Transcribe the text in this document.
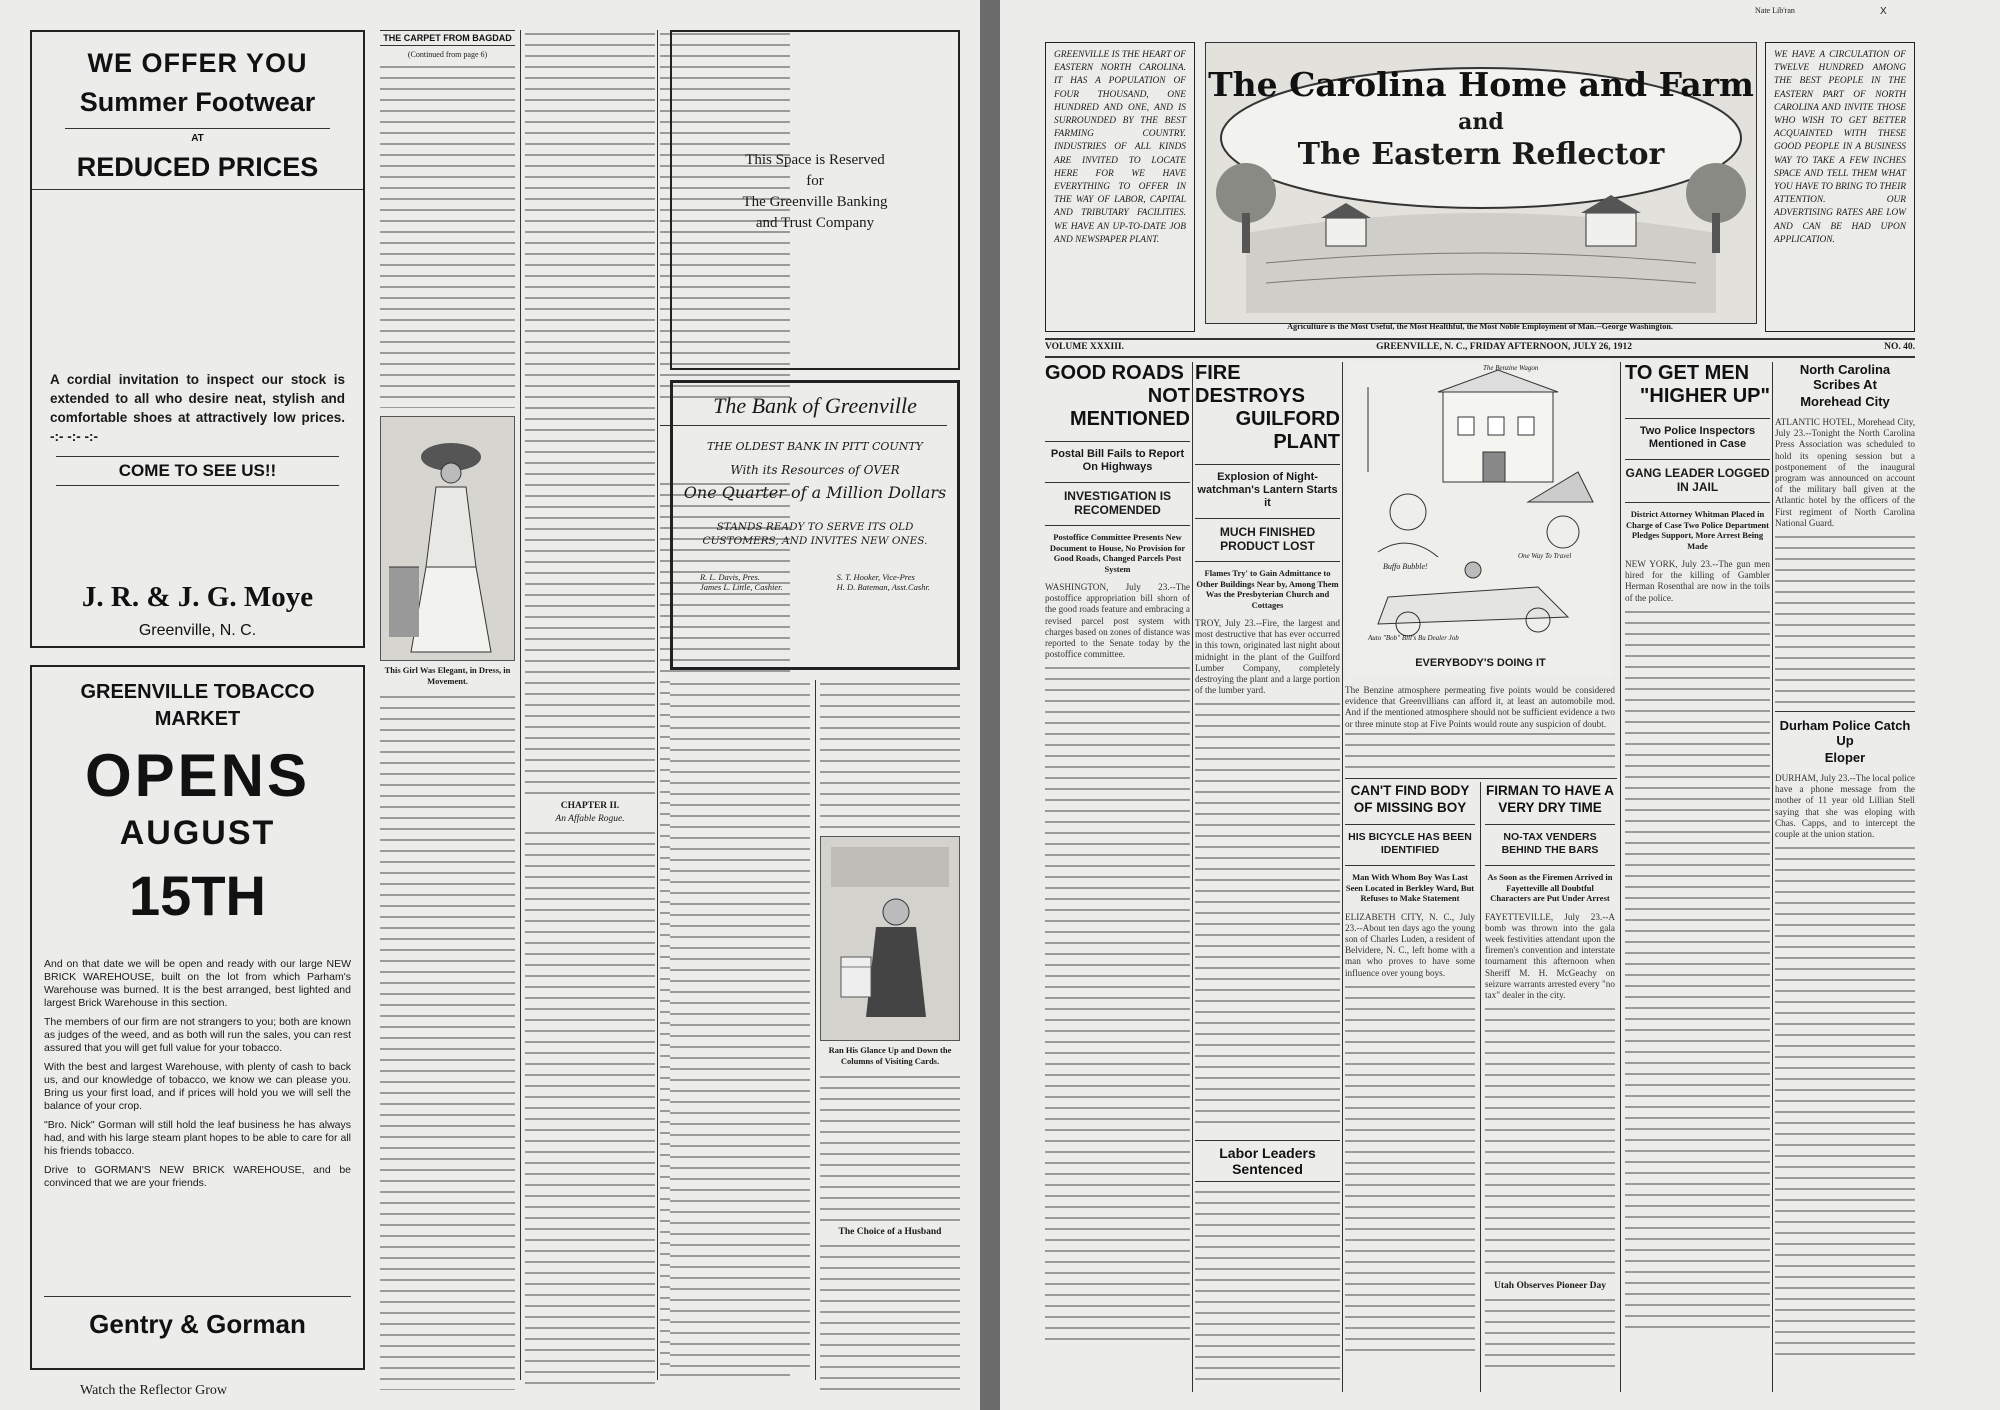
WE OFFER YOU
Summer Footwear
AT
REDUCED PRICES
A cordial invitation to inspect our stock is extended to all who desire neat, stylish and comfortable shoes at attractively low prices. -:- -:- -:-
COME TO SEE US!!
J. R. & J. G. Moye
Greenville, N. C.
GREENVILLE TOBACCO
MARKET
OPENS
AUGUST
15TH
And on that date we will be open and ready with our large NEW BRICK WAREHOUSE, built on the lot from which Parham's Warehouse was burned. It is the best arranged, best lighted and largest Brick Warehouse in this section.
The members of our firm are not strangers to you; both are known as judges of the weed, and as both will run the sales, you can rest assured that you will get full value for your tobacco.
With the best and largest Warehouse, with plenty of cash to back us, and our knowledge of tobacco, we know we can please you. Bring us your first load, and if prices will hold you we will sell the balance of your crop.
"Bro. Nick" Gorman will still hold the leaf business he has always had, and with his large steam plant hopes to be able to care for all his friends tobacco.
Drive to GORMAN'S NEW BRICK WAREHOUSE, and be convinced that we are your friends.
Gentry & Gorman
Watch the Reflector Grow
THE CARPET FROM BAGDAD
(Continued from page 6)
This Girl Was Elegant, in Dress, in Movement.
CHAPTER II.
An Affable Rogue.
This Space is Reserved
for
The Greenville Banking
and Trust Company
The Bank of Greenville
THE OLDEST BANK IN PITT COUNTY
With its Resources of OVER
One Quarter of a Million Dollars
STANDS READY TO SERVE ITS OLD CUSTOMERS, AND INVITES NEW ONES.
R. L. Davis, Pres.
James L. Little, Cashier.
S. T. Hooker, Vice-Pres
H. D. Bateman, Asst.Cashr.
Ran His Glance Up and Down the Columns of Visiting Cards.
The Choice of a Husband
Nate Lib'ran	X
GREENVILLE IS THE HEART OF EASTERN NORTH CAROLINA. IT HAS A POPULATION OF FOUR THOUSAND, ONE HUNDRED AND ONE, AND IS SURROUNDED BY THE BEST FARMING COUNTRY. INDUSTRIES OF ALL KINDS ARE INVITED TO LOCATE HERE FOR WE HAVE EVERYTHING TO OFFER IN THE WAY OF LABOR, CAPITAL AND TRIBUTARY FACILITIES. WE HAVE AN UP-TO-DATE JOB AND NEWSPAPER PLANT.
WE HAVE A CIRCULATION OF TWELVE HUNDRED AMONG THE BEST PEOPLE IN THE EASTERN PART OF NORTH CAROLINA AND INVITE THOSE WHO WISH TO GET BETTER ACQUAINTED WITH THESE GOOD PEOPLE IN A BUSINESS WAY TO TAKE A FEW INCHES SPACE AND TELL THEM WHAT YOU HAVE TO BRING TO THEIR ATTENTION. OUR ADVERTISING RATES ARE LOW AND CAN BE HAD UPON APPLICATION.
The Carolina Home and Farm
and
The Eastern Reflector
Agriculture is the Most Useful, the Most Healthful, the Most Noble Employment of Man.--George Washington.
VOLUME XXXIII.	GREENVILLE, N. C., FRIDAY AFTERNOON, JULY 26, 1912	NO. 40.
GOOD ROADS
NOT MENTIONED
Postal Bill Fails to Report On Highways
INVESTIGATION IS RECOMENDED
Postoffice Committee Presents New Document to House, No Provision for Good Roads, Changed Parcels Post System
WASHINGTON, July 23.--The postoffice appropriation bill shorn of the good roads feature and embracing a revised parcel post system with charges based on zones of distance was reported to the Senate today by the postoffice committee.
FIRE DESTROYS
GUILFORD PLANT
Explosion of Night-watchman's Lantern Starts it
MUCH FINISHED PRODUCT LOST
Flames Try' to Gain Admittance to Other Buildings Near by, Among Them Was the Presbyterian Church and Cottages
TROY, July 23.--Fire, the largest and most destructive that has ever occurred in this town, originated last night about midnight in the plant of the Guilford Lumber Company, completely destroying the plant and a large portion of the lumber yard.
Labor Leaders Sentenced
The Benzine Wagon
Buffo Bubble!
One Way To Travel
Auto "Bob" Bill's Bu Dealer Job
EVERYBODY'S DOING IT
The Benzine atmosphere permeating five points would be considered evidence that Greenvillians can afford it, at least an automobile mod. And if the mentioned atmosphere should not be sufficient evidence a two or three minute stop at Five Points would route any suspicion of doubt.
CAN'T FIND BODY OF MISSING BOY
HIS BICYCLE HAS BEEN IDENTIFIED
Man With Whom Boy Was Last Seen Located in Berkley Ward, But Refuses to Make Statement
ELIZABETH CITY, N. C., July 23.--About ten days ago the young son of Charles Luden, a resident of Belvidere, N. C., left home with a man who proves to have some influence over young boys.
FIRMAN TO HAVE A VERY DRY TIME
NO-TAX VENDERS BEHIND THE BARS
As Soon as the Firemen Arrived in Fayetteville all Doubtful Characters are Put Under Arrest
FAYETTEVILLE, July 23.--A bomb was thrown into the gala week festivities attendant upon the firemen's convention and interstate tournament this afternoon when Sheriff M. H. McGeachy on seizure warrants arrested every "no tax" dealer in the city.
Utah Observes Pioneer Day
TO GET MEN
"HIGHER UP"
Two Police Inspectors Mentioned in Case
GANG LEADER LOGGED IN JAIL
District Attorney Whitman Placed in Charge of Case Two Police Department Pledges Support, More Arrest Being Made
NEW YORK, July 23.--The gun men hired for the killing of Gambler Herman Rosenthal are now in the toils of the police.
North Carolina Scribes At
Morehead City
ATLANTIC HOTEL, Morehead City, July 23.--Tonight the North Carolina Press Association was scheduled to hold its opening session but a postponement of the inaugural program was announced on account of the military ball given at the Atlantic hotel by the officers of the First regiment of North Carolina National Guard.
Durham Police Catch Up
Eloper
DURHAM, July 23.--The local police have a phone message from the mother of 11 year old Lillian Stell saying that she was eloping with Chas. Capps, and to intercept the couple at the union station.
